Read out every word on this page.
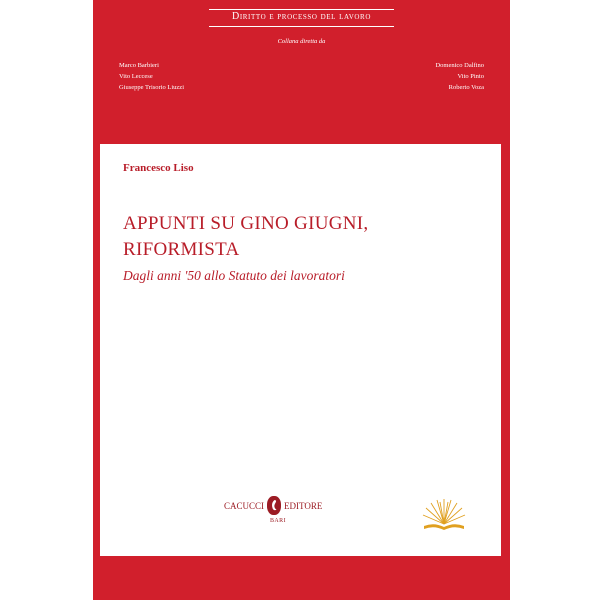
Diritto e processo del lavoro
Collana diretta da
Marco Barbieri
Vito Leccese
Giuseppe Trisorio Liuzzi
Domenico Dalfino
Vito Pinto
Roberto Voza
Francesco Liso
APPUNTI SU GINO GIUGNI,
RIFORMISTA
Dagli anni '50 allo Statuto dei lavoratori
CACUCCI EDITORE
BARI
